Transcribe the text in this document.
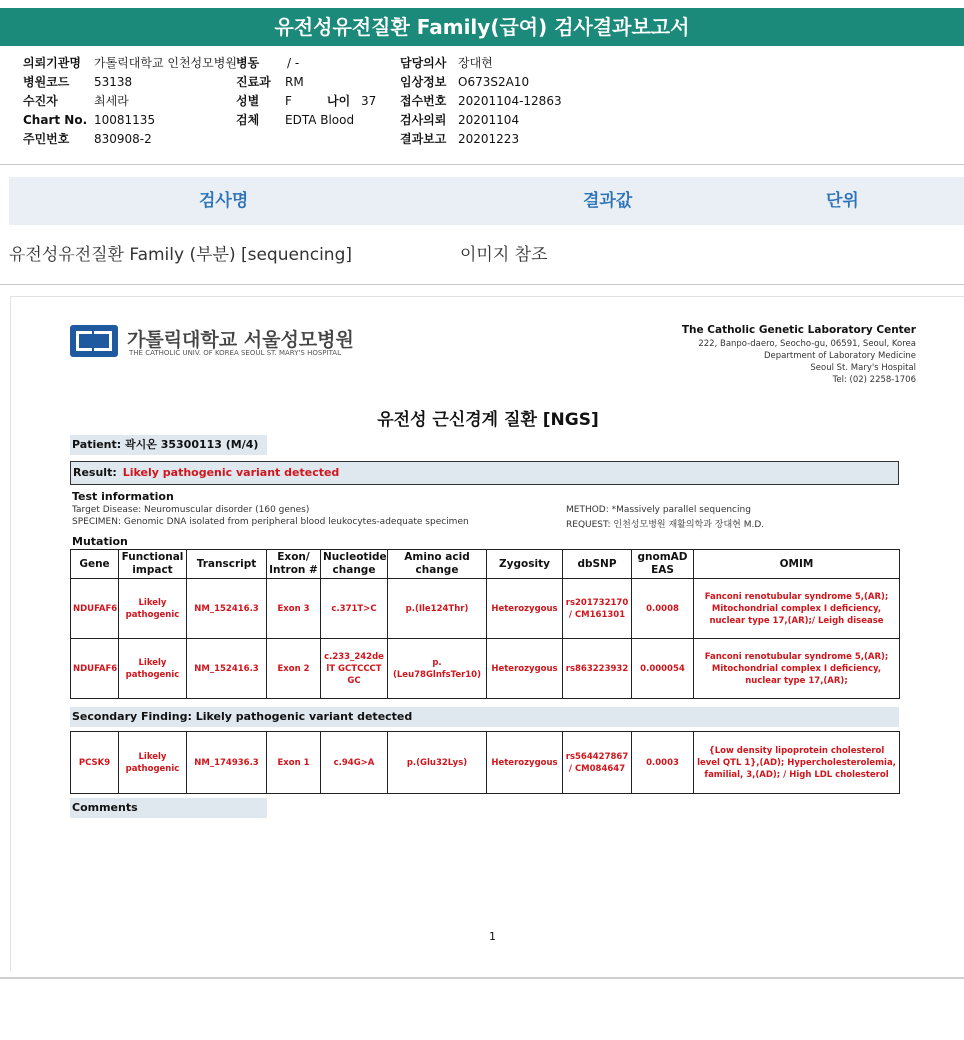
유전성유전질환 Family(급여) 검사결과보고서
의뢰기관명 가톨릭대학교 인천성모병원
병원코드 53138
수진자	최세라
Chart No. 10081135
주민번호 830908-2
병동 / -
진료과 RM
성별 F	나이 37
검체 EDTA Blood
담당의사 장대현
임상정보 O673S2A10
접수번호 20201104-12863
검사의뢰 20201104
결과보고 20201223
검사명	결과값	단위
유전성유전질환 Family (부분) [sequencing]	이미지 참조
가톨릭대학교 서울성모병원
THE CATHOLIC UNIV. OF KOREA SEOUL ST. MARY'S HOSPITAL
The Catholic Genetic Laboratory Center
222, Banpo-daero, Seocho-gu, 06591, Seoul, Korea
Department of Laboratory Medicine
Seoul St. Mary's Hospital
Tel: (02) 2258-1706
유전성 근신경계 질환 [NGS]
Patient: 곽시온 35300113 (M/4)
Result: Likely pathogenic variant detected
Test information
Target Disease: Neuromuscular disorder (160 genes)
SPECIMEN: Genomic DNA isolated from peripheral blood leukocytes-adequate specimen
METHOD: *Massively parallel sequencing
REQUEST: 인천성모병원 재활의학과 장대현 M.D.
Mutation
Gene	Functional impact	Transcript	Exon/ Intron #	Nucleotide change	Amino acid change	Zygosity	dbSNP	gnomAD EAS	OMIM
NDUFAF6	Likely pathogenic	NM_152416.3	Exon 3	c.371T>C	p.(Ile124Thr)	Heterozygous	rs201732170 / CM161301	0.0008	Fanconi renotubular syndrome 5,(AR); Mitochondrial complex I deficiency, nuclear type 17,(AR);/ Leigh disease
NDUFAF6	Likely pathogenic	NM_152416.3	Exon 2	c.233_242delT GCTCCCTGC	p.(Leu78GlnfsTer10)	Heterozygous	rs863223932	0.000054	Fanconi renotubular syndrome 5,(AR); Mitochondrial complex I deficiency, nuclear type 17,(AR);
Secondary Finding: Likely pathogenic variant detected
PCSK9	Likely pathogenic	NM_174936.3	Exon 1	c.94G>A	p.(Glu32Lys)	Heterozygous	rs564427867 / CM084647	0.0003	{Low density lipoprotein cholesterol level QTL 1},(AD); Hypercholesterolemia, familial, 3,(AD); / High LDL cholesterol
Comments
1
